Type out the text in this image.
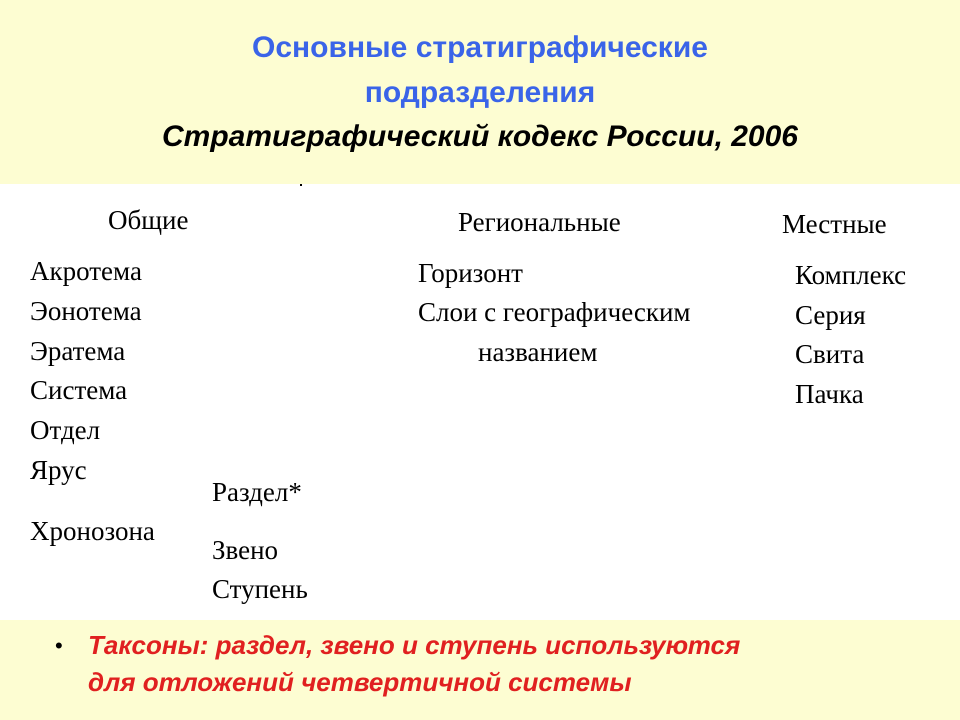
Основные стратиграфические
подразделения
Стратиграфический кодекс России, 2006
Общие
Акротема
Эонотема
Эратема
Система
Отдел
Ярус
Хронозона
Раздел*
Звено
Ступень
Региональные
Горизонт
Слои с географическим
названием
Местные
Комплекс
Серия
Свита
Пачка
• Таксоны: раздел, звено и ступень используются
для отложений четвертичной системы
